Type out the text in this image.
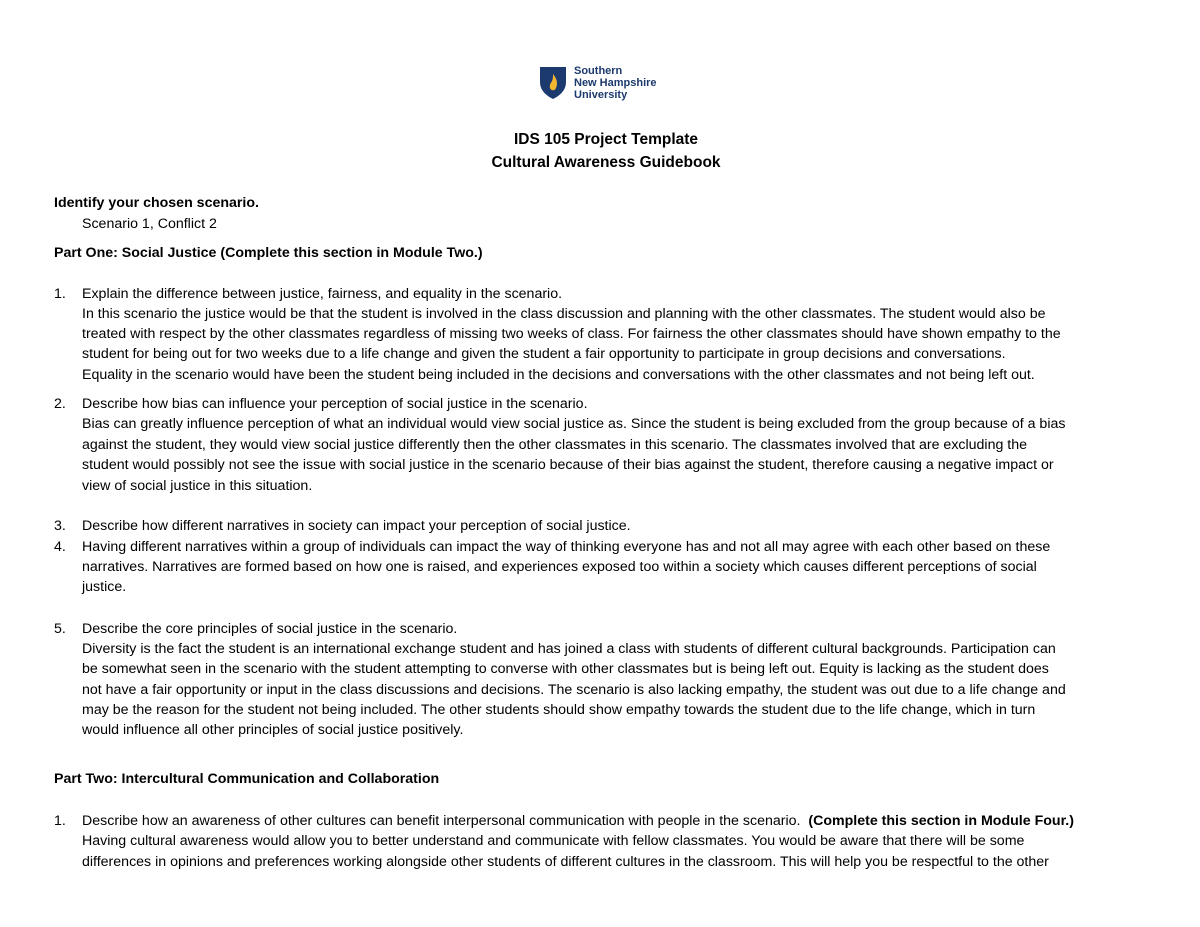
Southern
New Hampshire
University
IDS 105 Project Template
Cultural Awareness Guidebook
Identify your chosen scenario.
Scenario 1, Conflict 2
Part One: Social Justice (Complete this section in Module Two.)
1. Explain the difference between justice, fairness, and equality in the scenario.
In this scenario the justice would be that the student is involved in the class discussion and planning with the other classmates. The student would also be
treated with respect by the other classmates regardless of missing two weeks of class. For fairness the other classmates should have shown empathy to the
student for being out for two weeks due to a life change and given the student a fair opportunity to participate in group decisions and conversations.
Equality in the scenario would have been the student being included in the decisions and conversations with the other classmates and not being left out.
2. Describe how bias can influence your perception of social justice in the scenario.
Bias can greatly influence perception of what an individual would view social justice as. Since the student is being excluded from the group because of a bias
against the student, they would view social justice differently then the other classmates in this scenario. The classmates involved that are excluding the
student would possibly not see the issue with social justice in the scenario because of their bias against the student, therefore causing a negative impact or
view of social justice in this situation.
3. Describe how different narratives in society can impact your perception of social justice.
4. Having different narratives within a group of individuals can impact the way of thinking everyone has and not all may agree with each other based on these
narratives. Narratives are formed based on how one is raised, and experiences exposed too within a society which causes different perceptions of social
justice.
5. Describe the core principles of social justice in the scenario.
Diversity is the fact the student is an international exchange student and has joined a class with students of different cultural backgrounds. Participation can
be somewhat seen in the scenario with the student attempting to converse with other classmates but is being left out. Equity is lacking as the student does
not have a fair opportunity or input in the class discussions and decisions. The scenario is also lacking empathy, the student was out due to a life change and
may be the reason for the student not being included. The other students should show empathy towards the student due to the life change, which in turn
would influence all other principles of social justice positively.
Part Two: Intercultural Communication and Collaboration
1. Describe how an awareness of other cultures can benefit interpersonal communication with people in the scenario. (Complete this section in Module Four.)
Having cultural awareness would allow you to better understand and communicate with fellow classmates. You would be aware that there will be some
differences in opinions and preferences working alongside other students of different cultures in the classroom. This will help you be respectful to the other
